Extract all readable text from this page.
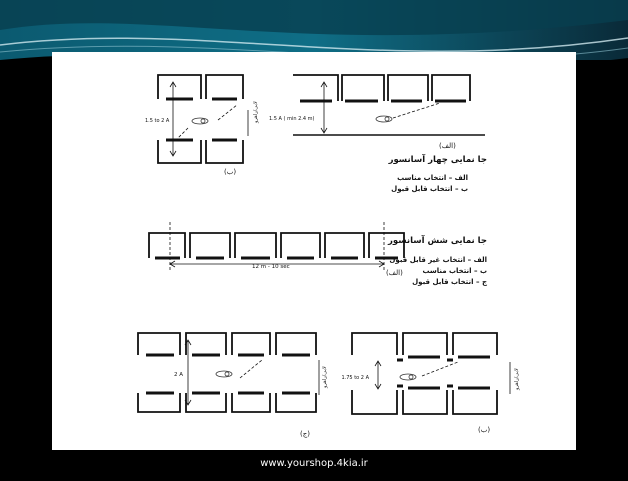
1.5 to 2 A	لابی/راهرو
(ب)
1.5 A ( min 2.4 m)
(الف)
جا نمایی چهار آسانسور
الف – انتخاب مناسب
ب – انتخاب قابل قبول
12 m - 10 sec
(الف)
جا نمایی شش آسانسور
الف – انتخاب غیر قابل قبول
ب – انتخاب مناسب
ج – انتخاب قابل قبول
2 A	لابی/راهرو
(ج)
1.75 to 2 A	لابی/راهرو
(ب)
www.yourshop.4kia.ir
